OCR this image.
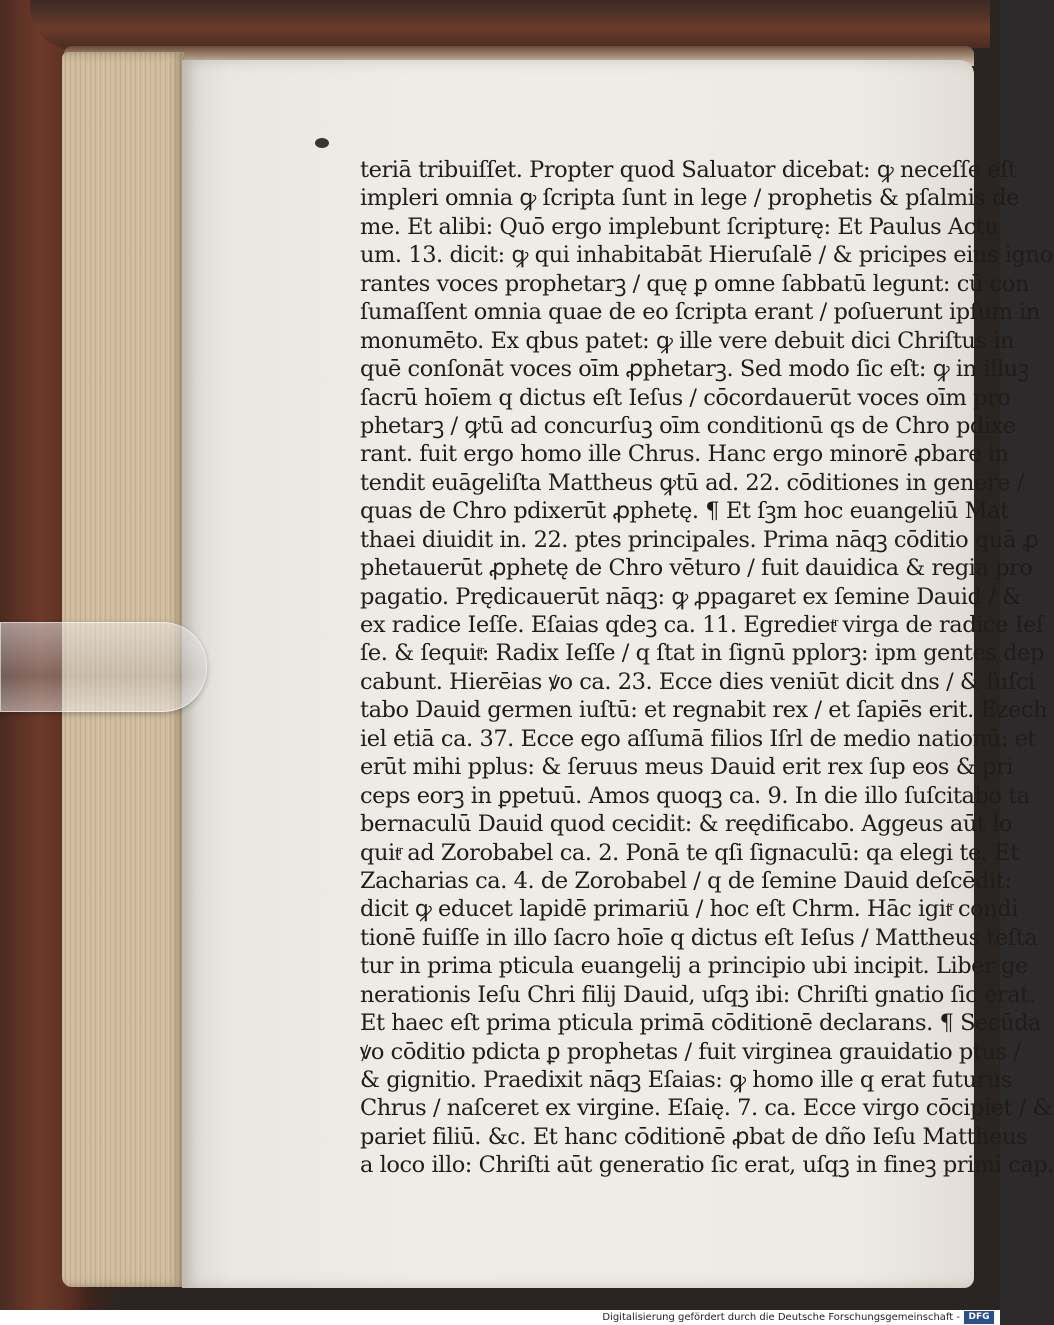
teriā tribuiſſet. Propter quod Saluator dicebat: ꝙ neceſſe eſt
impleri omnia ꝙ ſcripta ſunt in lege / prophetis & pſalmis de
me. Et alibi: Quō ergo implebunt ſcripturę: Et Paulus Actu
um. 13. dicit: ꝙ qui inhabitabāt Hieruſalē / & pricipes eius igno
rantes voces prophetarꝫ / quę ꝑ omne ſabbatū legunt: cū con
ſumaſſent omnia quae de eo ſcripta erant / poſuerunt ipſum in
monumēto. Ex qbus patet: ꝙ ille vere debuit dici Chriſtus in
quē conſonāt voces oīm ꝓphetarꝫ. Sed modo ſic eſt: ꝙ in illuꝫ
ſacrū hoīem q dictus eſt Ieſus / cōcordauerūt voces oīm pro
phetarꝫ / ꝙtū ad concurſuꝫ oīm conditionū qs de Chro pdixe
rant. fuit ergo homo ille Chrus. Hanc ergo minorē ꝓbare in
tendit euāgeliſta Mattheus ꝙtū ad. 22. cōditiones in genere /
quas de Chro pdixerūt ꝓphetę. ¶ Et ſꝫm hoc euangeliū Mat
thaei diuidit in. 22. ptes principales. Prima nāqꝫ cōditio quā ꝓ
phetauerūt ꝓphetę de Chro vēturo / fuit dauidica & regia pro
pagatio. Prędicauerūt nāqꝫ: ꝙ ꝓpagaret ex ſemine Dauid / &
ex radice Ieſſe. Eſaias qdeꝫ ca. 11. Egredietͬ virga de radice Ieſ
ſe. & ſequitͬ: Radix Ieſſe / q ſtat in ſignū pplorꝫ: ipm gentes dep
cabunt. Hierēias ꝟo ca. 23. Ecce dies veniūt dicit dns / & ſuſci
tabo Dauid germen iuſtū: et regnabit rex / et ſapiēs erit. Ezech
iel etiā ca. 37. Ecce ego aſſumā filios Iſrl de medio nationū: et
erūt mihi pplus: & ſeruus meus Dauid erit rex ſup eos & pri
ceps eorꝫ in ꝑpetuū. Amos quoqꝫ ca. 9. In die illo ſuſcitabo ta
bernaculū Dauid quod cecidit: & reędificabo. Aggeus aūt lo
quitͬ ad Zorobabel ca. 2. Ponā te qſi ſignaculū: qa elegi te. Et
Zacharias ca. 4. de Zorobabel / q de ſemine Dauid deſcēdit:
dicit ꝙ educet lapidē primariū / hoc eſt Chrm. Hāc igitͬ condi
tionē fuiſſe in illo ſacro hoīe q dictus eſt Ieſus / Mattheus teſta
tur in prima pticula euangelij a principio ubi incipit. Liber ge
nerationis Ieſu Chri filij Dauid, uſqꝫ ibi: Chriſti gnatio ſic erat.
Et haec eſt prima pticula primā cōditionē declarans. ¶ Secūda
ꝟo cōditio pdicta ꝑ prophetas / fuit virginea grauidatio ptus /
& gignitio. Praedixit nāqꝫ Eſaias: ꝙ homo ille q erat futurus
Chrus / naſceret ex virgine. Eſaię. 7. ca. Ecce virgo cōcipiet / &
pariet filiū. &c. Et hanc cōditionē ꝓbat de dño Ieſu Mattheus
a loco illo: Chriſti aūt generatio ſic erat, uſqꝫ in fineꝫ primi cap.
Digitalisierung gefördert durch die Deutsche Forschungsgemeinschaft - DFG
